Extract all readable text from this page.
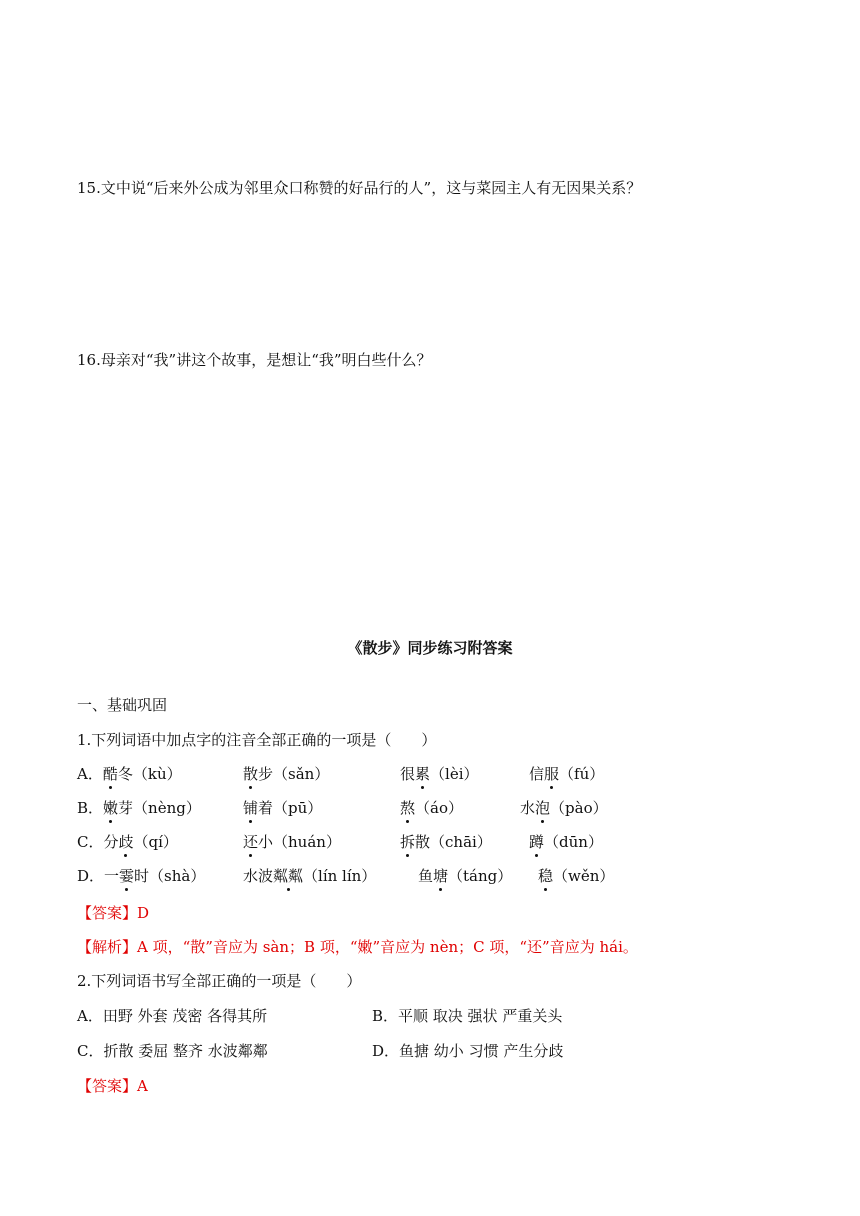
15.文中说“后来外公成为邻里众口称赞的好品行的人”，这与菜园主人有无因果关系？
16.母亲对“我”讲这个故事，是想让“我”明白些什么？
《散步》同步练习附答案
一、基础巩固
1.下列词语中加点字的注音全部正确的一项是（　　）
A．酷冬（kù）	散步（sǎn）	很累（lèi）	信服（fú）
B．嫩芽（nèng）	铺着（pū）	熬（áo）	水泡（pào）
C．分歧（qí）	还小（huán）	拆散（chāi） 蹲（dūn）
D．一霎时（shà）	水波粼粼（lín lín）	鱼塘（táng） 稳（wěn）
【答案】D
【解析】A 项，“散”音应为 sàn；B 项，“嫩”音应为 nèn；C 项，“还”音应为 hái。
2.下列词语书写全部正确的一项是（　　）
A．田野 外套 茂密 各得其所	B．平顺 取决 强状 严重关头
C．折散 委屈 整齐 水波鄰鄰	D．鱼搪 幼小 习惯 产生分歧
【答案】A
